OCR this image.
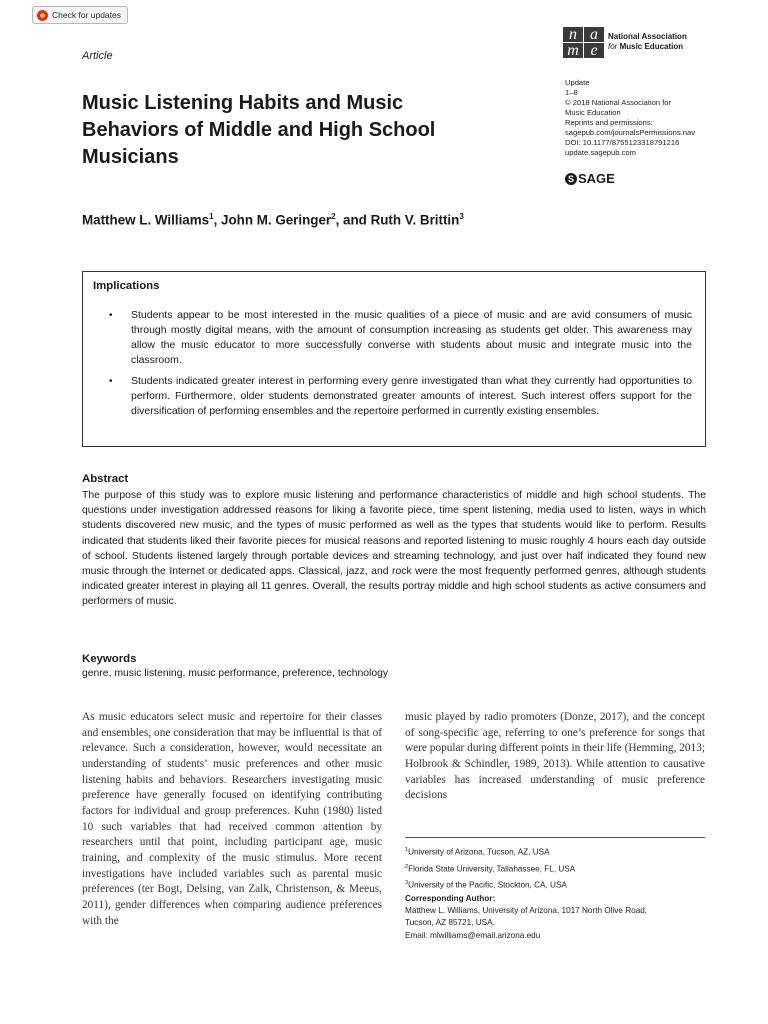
Check for updates
Article
Music Listening Habits and Music Behaviors of Middle and High School Musicians
n a
m e
National Association
for Music Education
Update
1–8
© 2018 National Association for
Music Education
Reprints and permissions:
sagepub.com/journalsPermissions.nav
DOI: 10.1177/8755123318791216
update.sagepub.com
S SAGE
Matthew L. Williams$^1$, John M. Geringer$^2$, and Ruth V. Brittin$^3$
Implications
• Students appear to be most interested in the music qualities of a piece of music and are avid consumers of music through mostly digital means, with the amount of consumption increasing as students get older. This awareness may allow the music educator to more successfully converse with students about music and integrate music into the classroom.
• Students indicated greater interest in performing every genre investigated than what they currently had opportunities to perform. Furthermore, older students demonstrated greater amounts of interest. Such interest offers support for the diversification of performing ensembles and the repertoire performed in currently existing ensembles.
Abstract

The purpose of this study was to explore music listening and performance characteristics of middle and high school students. The questions under investigation addressed reasons for liking a favorite piece, time spent listening, media used to listen, ways in which students discovered new music, and the types of music performed as well as the types that students would like to perform. Results indicated that students liked their favorite pieces for musical reasons and reported listening to music roughly 4 hours each day outside of school. Students listened largely through portable devices and streaming technology, and just over half indicated they found new music through the Internet or dedicated apps. Classical, jazz, and rock were the most frequently performed genres, although students indicated greater interest in playing all 11 genres. Overall, the results portray middle and high school students as active consumers and performers of music.

Keywords

genre, music listening, music performance, preference, technology

As music educators select music and repertoire for their classes and ensembles, one consideration that may be influential is that of relevance. Such a consideration, however, would necessitate an understanding of students’ music preferences and other music listening habits and behaviors. Researchers investigating music preference have generally focused on identifying contributing factors for individual and group preferences. Kuhn (1980) listed 10 such variables that had received common attention by researchers until that point, including participant age, music training, and complexity of the music stimulus. More recent investigations have included variables such as parental music preferences (ter Bogt, Delsing, van Zalk, Christenson, & Meeus, 2011), gender differences when comparing audience preferences with the

music played by radio promoters (Donze, 2017), and the concept of song-specific age, referring to one’s preference for songs that were popular during different points in their life (Hemming, 2013; Holbrook & Schindler, 1989, 2013). While attention to causative variables has increased understanding of music preference decisions

$^1$University of Arizona, Tucson, AZ, USA
$^2$Florida State University, Tallahassee, FL, USA
$^3$University of the Pacific, Stockton, CA, USA
Corresponding Author:
Matthew L. Williams, University of Arizona, 1017 North Olive Road,
Tucson, AZ 85721, USA.
Email: mlwilliams@email.arizona.edu
